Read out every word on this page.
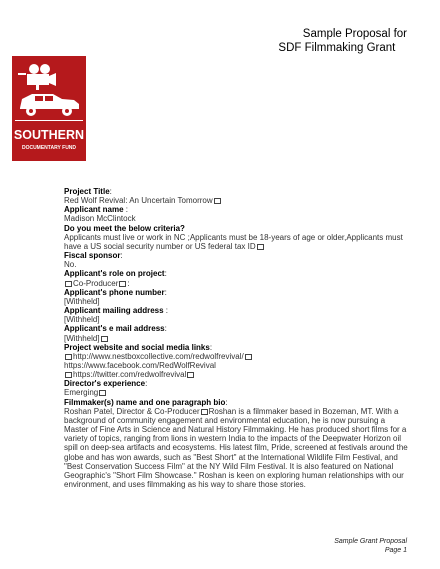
Sample Proposal for
SDF Filmmaking Grant
SOUTHERN
DOCUMENTARY FUND
Project Title:
Red Wolf Revival: An Uncertain Tomorrow
Applicant name :
Madison McClintock
Do you meet the below criteria?
Applicants must live or work in NC ;Applicants must be 18-years of age or older,Applicants must
have a US social security number or US federal tax ID
Fiscal sponsor:
No.
Applicant's role on project:
Co-Producer :
Applicant's phone number:
[Withheld]
Applicant mailing address :
[Withheld]
Applicant's e mail address:
[Withheld]
Project website and social media links:
http://www.nestboxcollective.com/redwolfrevival/
https://www.facebook.com/RedWolfRevival
https://twitter.com/redwolfrevival
Director's experience:
Emerging
Filmmaker(s) name and one paragraph bio:
Roshan Patel, Director & Co-Producer Roshan is a filmmaker based in Bozeman, MT. With a
background of community engagement and environmental education, he is now pursuing a
Master of Fine Arts in Science and Natural History Filmmaking. He has produced short films for a
variety of topics, ranging from lions in western India to the impacts of the Deepwater Horizon oil
spill on deep-sea artifacts and ecosystems. His latest film, Pride, screened at festivals around the
globe and has won awards, such as "Best Short" at the International Wildlife Film Festival, and
"Best Conservation Success Film" at the NY Wild Film Festival. It is also featured on National
Geographic's "Short Film Showcase." Roshan is keen on exploring human relationships with our
environment, and uses filmmaking as his way to share those stories.
Sample Grant Proposal
Page 1
